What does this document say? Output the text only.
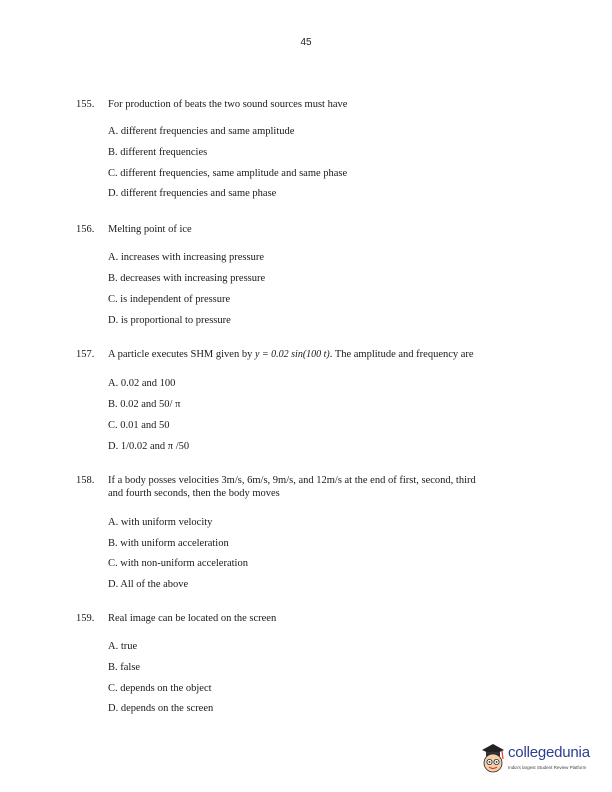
45
155. For production of beats the two sound sources must have
A. different frequencies and same amplitude
B. different frequencies
C. different frequencies, same amplitude and same phase
D. different frequencies and same phase
156. Melting point of ice
A. increases with increasing pressure
B. decreases with increasing pressure
C. is independent of pressure
D. is proportional to pressure
157. A particle executes SHM given by y = 0.02 sin(100 t). The amplitude and frequency are
A. 0.02 and 100
B. 0.02 and 50/ π
C. 0.01 and 50
D. 1/0.02 and π /50
158. If a body posses velocities 3m/s, 6m/s, 9m/s, and 12m/s at the end of first, second, third
and fourth seconds, then the body moves
A. with uniform velocity
B. with uniform acceleration
C. with non-uniform acceleration
D. All of the above
159. Real image can be located on the screen
A. true
B. false
C. depends on the object
D. depends on the screen
collegedunia
India's largest Student Review Platform
